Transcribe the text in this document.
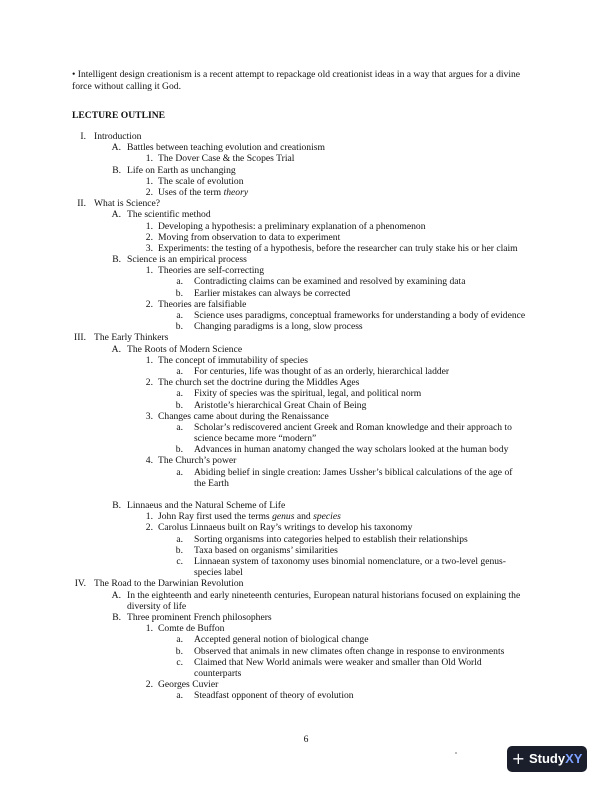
• Intelligent design creationism is a recent attempt to repackage old creationist ideas in a way that argues for a divine
force without calling it God.
LECTURE OUTLINE
I. Introduction
A. Battles between teaching evolution and creationism
1. The Dover Case & the Scopes Trial
B. Life on Earth as unchanging
1. The scale of evolution
2. Uses of the term theory
II. What is Science?
A. The scientific method
1. Developing a hypothesis: a preliminary explanation of a phenomenon
2. Moving from observation to data to experiment
3. Experiments: the testing of a hypothesis, before the researcher can truly stake his or her claim
B. Science is an empirical process
1. Theories are self-correcting
a. Contradicting claims can be examined and resolved by examining data
b. Earlier mistakes can always be corrected
2. Theories are falsifiable
a. Science uses paradigms, conceptual frameworks for understanding a body of evidence
b. Changing paradigms is a long, slow process
III. The Early Thinkers
A. The Roots of Modern Science
1. The concept of immutability of species
a. For centuries, life was thought of as an orderly, hierarchical ladder
2. The church set the doctrine during the Middles Ages
a. Fixity of species was the spiritual, legal, and political norm
b. Aristotle’s hierarchical Great Chain of Being
3. Changes came about during the Renaissance
a. Scholar’s rediscovered ancient Greek and Roman knowledge and their approach to
science became more “modern”
b. Advances in human anatomy changed the way scholars looked at the human body
4. The Church’s power
a. Abiding belief in single creation: James Ussher’s biblical calculations of the age of
the Earth
B. Linnaeus and the Natural Scheme of Life
1. John Ray first used the terms genus and species
2. Carolus Linnaeus built on Ray’s writings to develop his taxonomy
a. Sorting organisms into categories helped to establish their relationships
b. Taxa based on organisms’ similarities
c. Linnaean system of taxonomy uses binomial nomenclature, or a two-level genus-
species label
IV. The Road to the Darwinian Revolution
A. In the eighteenth and early nineteenth centuries, European natural historians focused on explaining the
diversity of life
B. Three prominent French philosophers
1. Comte de Buffon
a. Accepted general notion of biological change
b. Observed that animals in new climates often change in response to environments
c. Claimed that New World animals were weaker and smaller than Old World
counterparts
2. Georges Cuvier
a. Steadfast opponent of theory of evolution
6
+ StudyXY
